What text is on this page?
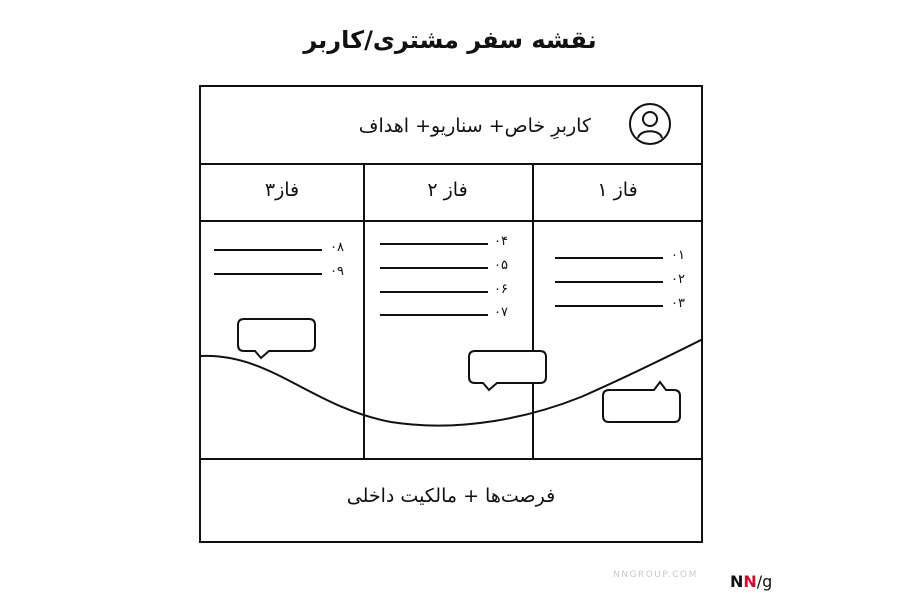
نقشه سفر مشتری/کاربر
کاربرِ خاص+ سناریو+ اهداف
فاز ۱
فاز ۲
فاز۳
۰۱
۰۲
۰۳
۰۴
۰۵
۰۶
۰۷
۰۸
۰۹
فرصت‌ها + مالکیت داخلی
NNGROUP.COM NN/g
